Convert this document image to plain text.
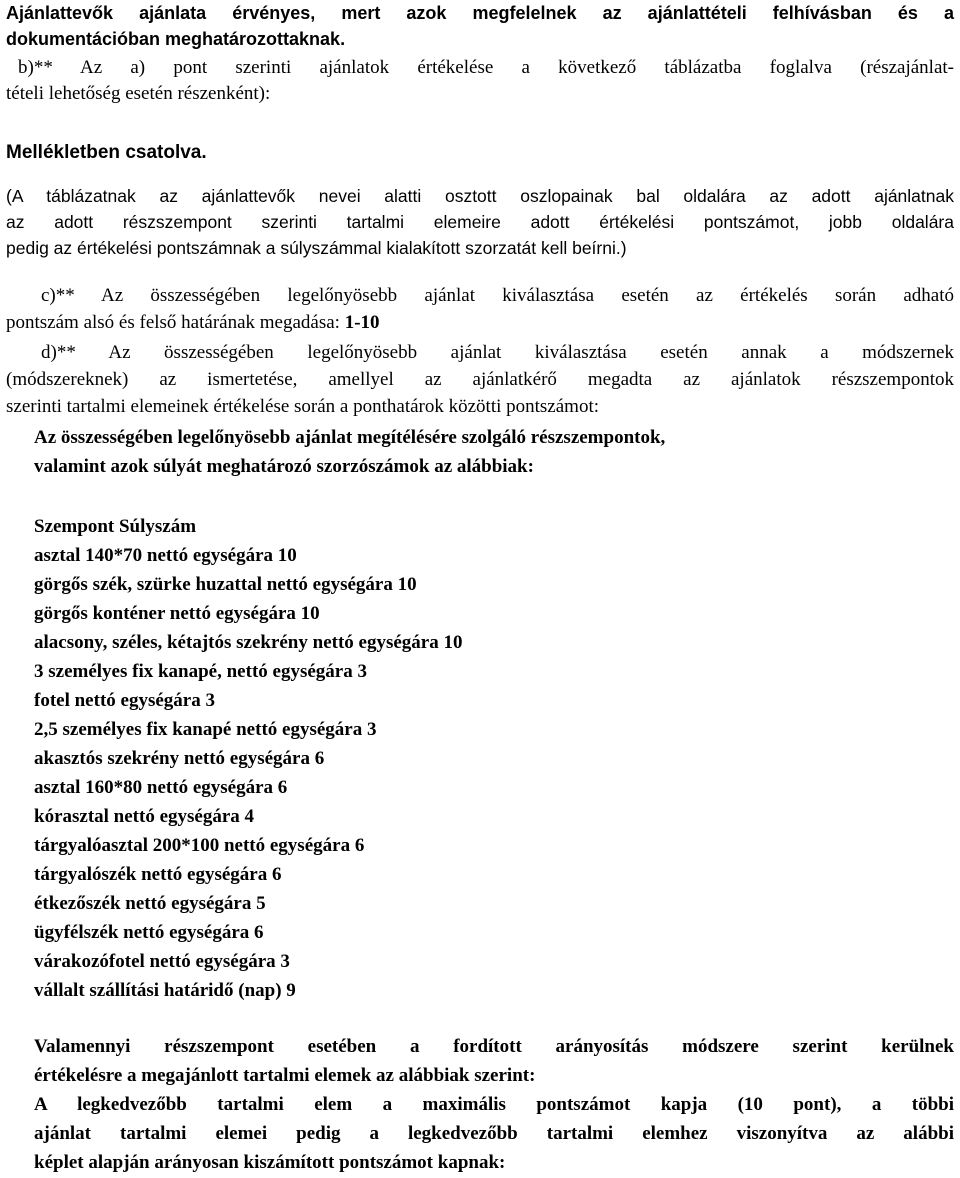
Ajánlattevők ajánlata érvényes, mert azok megfelelnek az ajánlattételi felhívásban és a
dokumentációban meghatározottaknak.
b)** Az a) pont szerinti ajánlatok értékelése a következő táblázatba foglalva (részajánlat-
tételi lehetőség esetén részenként):
Mellékletben csatolva.
(A táblázatnak az ajánlattevők nevei alatti osztott oszlopainak bal oldalára az adott ajánlatnak
az adott részszempont szerinti tartalmi elemeire adott értékelési pontszámot, jobb oldalára
pedig az értékelési pontszámnak a súlyszámmal kialakított szorzatát kell beírni.)
c)** Az összességében legelőnyösebb ajánlat kiválasztása esetén az értékelés során adható
pontszám alsó és felső határának megadása: 1-10
d)** Az összességében legelőnyösebb ajánlat kiválasztása esetén annak a módszernek
(módszereknek) az ismertetése, amellyel az ajánlatkérő megadta az ajánlatok részszempontok
szerinti tartalmi elemeinek értékelése során a ponthatárok közötti pontszámot:
Az összességében legelőnyösebb ajánlat megítélésére szolgáló részszempontok,
valamint azok súlyát meghatározó szorzószámok az alábbiak:
Szempont Súlyszám
asztal 140*70 nettó egységára 10
görgős szék, szürke huzattal nettó egységára 10
görgős konténer nettó egységára 10
alacsony, széles, kétajtós szekrény nettó egységára 10
3 személyes fix kanapé, nettó egységára 3
fotel nettó egységára 3
2,5 személyes fix kanapé nettó egységára 3
akasztós szekrény nettó egységára 6
asztal 160*80 nettó egységára 6
kórasztal nettó egységára 4
tárgyalóasztal 200*100 nettó egységára 6
tárgyalószék nettó egységára 6
étkezőszék nettó egységára 5
ügyfélszék nettó egységára 6
várakozófotel nettó egységára 3
vállalt szállítási határidő (nap) 9
Valamennyi részszempont esetében a fordított arányosítás módszere szerint kerülnek
értékelésre a megajánlott tartalmi elemek az alábbiak szerint:
A legkedvezőbb tartalmi elem a maximális pontszámot kapja (10 pont), a többi
ajánlat tartalmi elemei pedig a legkedvezőbb tartalmi elemhez viszonyítva az alábbi
képlet alapján arányosan kiszámított pontszámot kapnak:
